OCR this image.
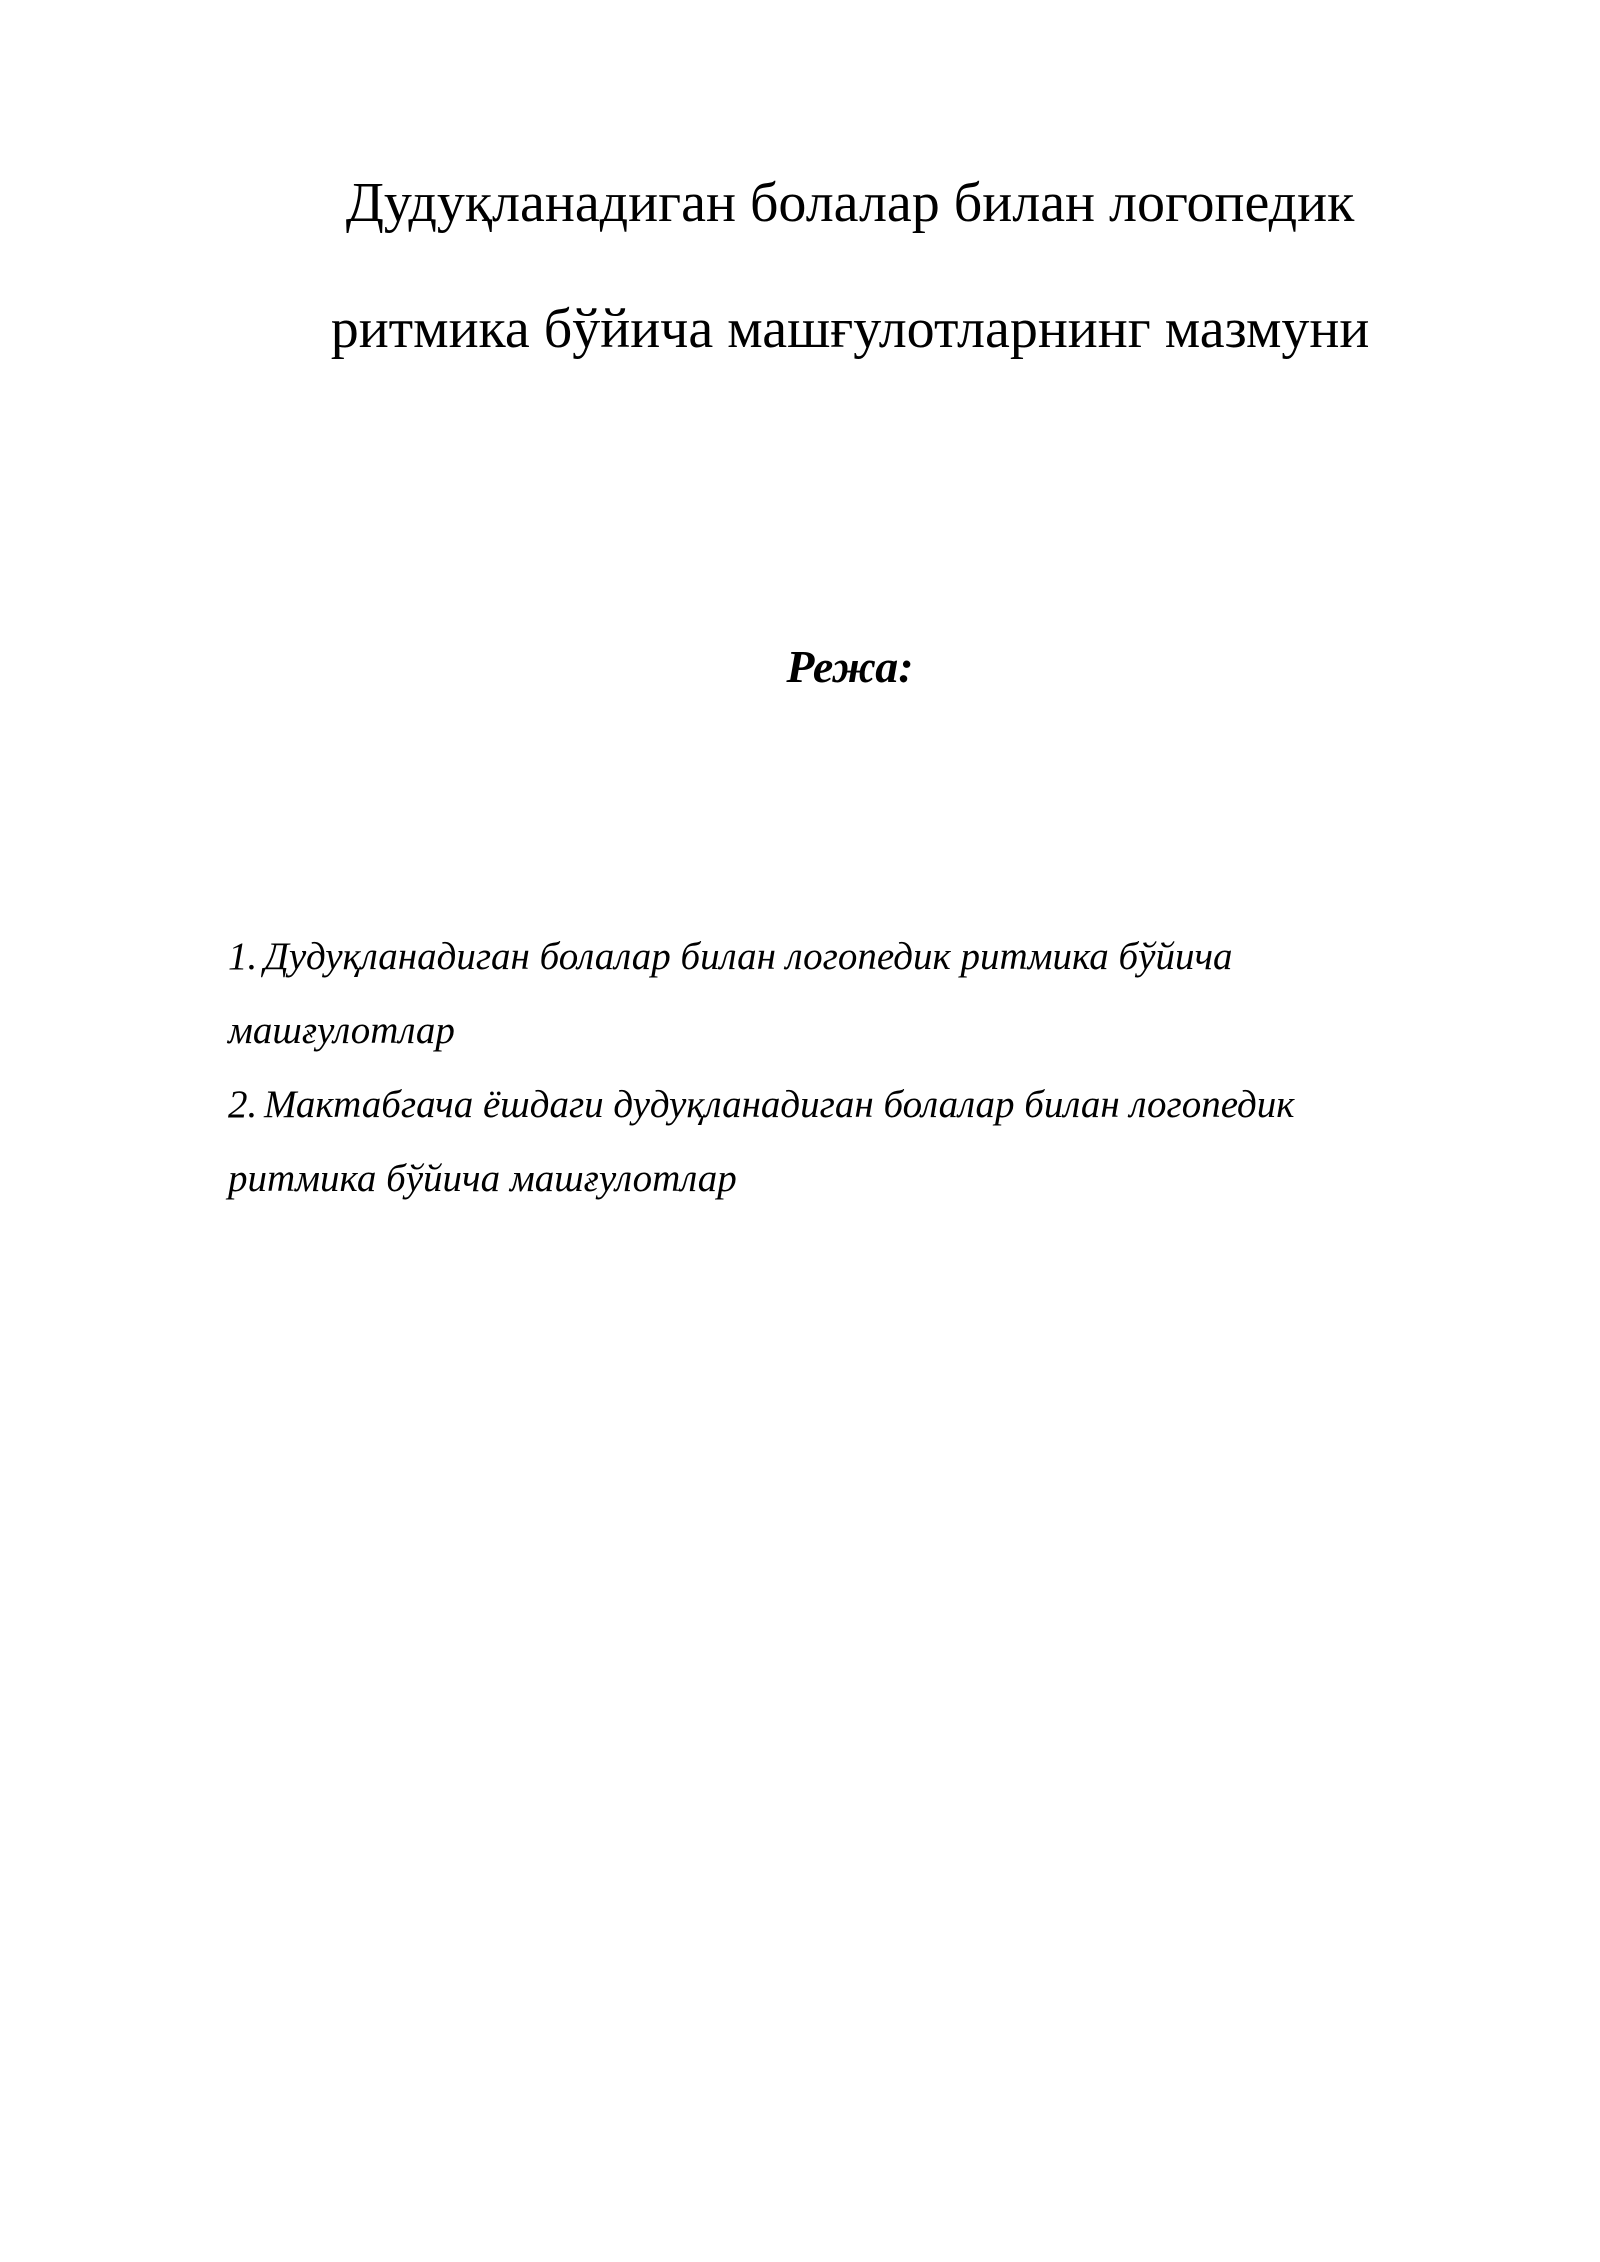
Дудуқланадиган болалар билан логопедик
ритмика бўйича машғулотларнинг мазмуни
Режа:
1. Дудуқланадиган болалар билан логопедик ритмика бўйича
машғулотлар
2. Мактабгача ёшдаги дудуқланадиган болалар билан логопедик
ритмика бўйича машғулотлар
